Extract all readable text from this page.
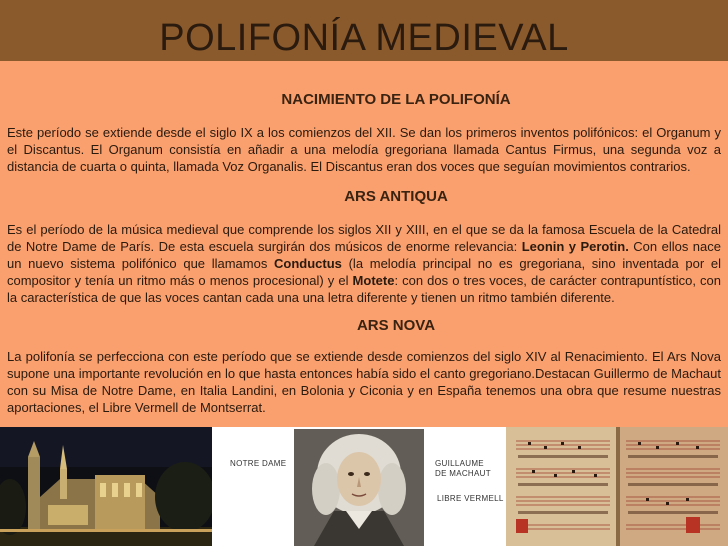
POLIFONÍA MEDIEVAL
NACIMIENTO DE LA POLIFONÍA
Este período se extiende desde el siglo IX a los comienzos del XII. Se dan los primeros inventos polifónicos: el Organum y el Discantus. El Organum consistía en añadir a una melodía gregoriana llamada Cantus Firmus, una segunda voz a distancia de cuarta o quinta, llamada Voz Organalis. El Discantus eran dos voces que seguían movimientos contrarios.
ARS ANTIQUA
Es el período de la música medieval que comprende los siglos XII y XIII, en el que se da la famosa Escuela de la Catedral de Notre Dame de París. De esta escuela surgirán dos músicos de enorme relevancia: Leonin y Perotin. Con ellos nace un nuevo sistema polifónico que llamamos Conductus (la melodía principal no es gregoriana, sino inventada por el compositor y tenía un ritmo más o menos procesional) y el Motete: con dos o tres voces, de carácter contrapuntístico, con la característica de que las voces cantan cada una una letra diferente y tienen un ritmo también diferente.
ARS NOVA
La polifonía se perfecciona con este período que se extiende desde comienzos del siglo XIV al Renacimiento. El Ars Nova supone una importante revolución en lo que hasta entonces había sido el canto gregoriano.Destacan Guillermo de Machaut con su Misa de Notre Dame, en Italia Landini, en Bolonia y Ciconia y en España tenemos una obra que resume nuestras aportaciones, el Libre Vermell de Montserrat.
NOTRE DAME	GUILLAUME
DE MACHAUT
LIBRE VERMELL
